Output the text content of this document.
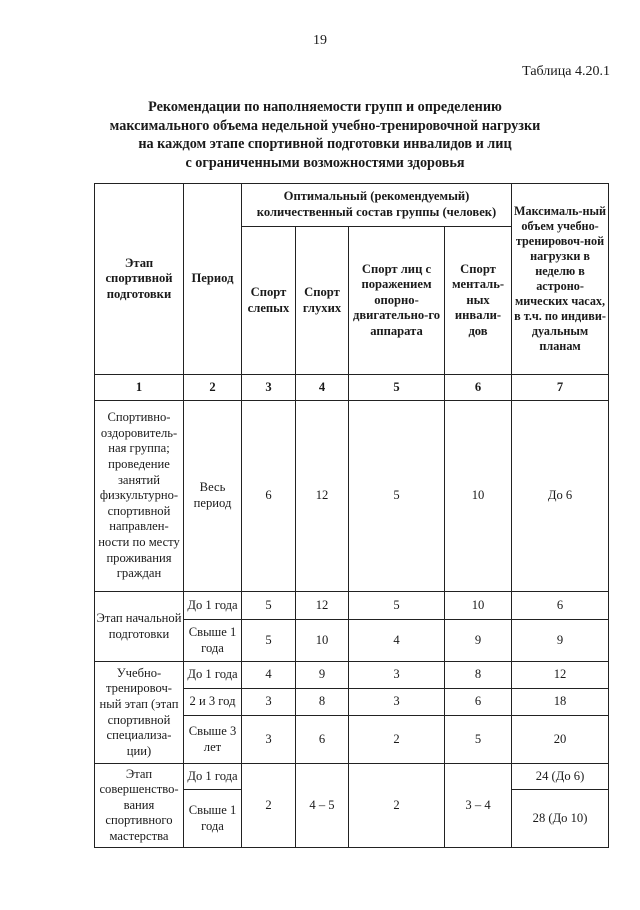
19
Таблица 4.20.1
Рекомендации по наполняемости групп и определению
максимального объема недельной учебно-тренировочной нагрузки
на каждом этапе спортивной подготовки инвалидов и лиц
с ограниченными возможностями здоровья
Этап спортивной подготовки	Период	Оптимальный (рекомендуемый) количественный состав группы (человек)				Максималь-ный объем учебно-тренировоч-ной нагрузки в неделю в астроно-мических часах, в т.ч. по индиви-дуальным планам
		Спорт слепых	Спорт глухих	Спорт лиц с поражением опорно-двигательно-го аппарата	Спорт менталь-ных инвали-дов	
1	2	3	4	5	6	7
Спортивно-оздоровитель-ная группа; проведение занятий физкультурно-спортивной направлен-ности по месту проживания граждан	Весь период	6	12	5	10	До 6
Этап начальной подготовки	До 1 года	5	12	5	10	6
	Свыше 1 года	5	10	4	9	9
Учебно-тренировоч-ный этап (этап спортивной специализа-ции)	До 1 года	4	9	3	8	12
	2 и 3 год	3	8	3	6	18
	Свыше 3 лет	3	6	2	5	20
Этап совершенство-вания спортивного мастерства	До 1 года	2	4 – 5	2	3 – 4	24 (До 6)
	Свыше 1 года					28 (До 10)
